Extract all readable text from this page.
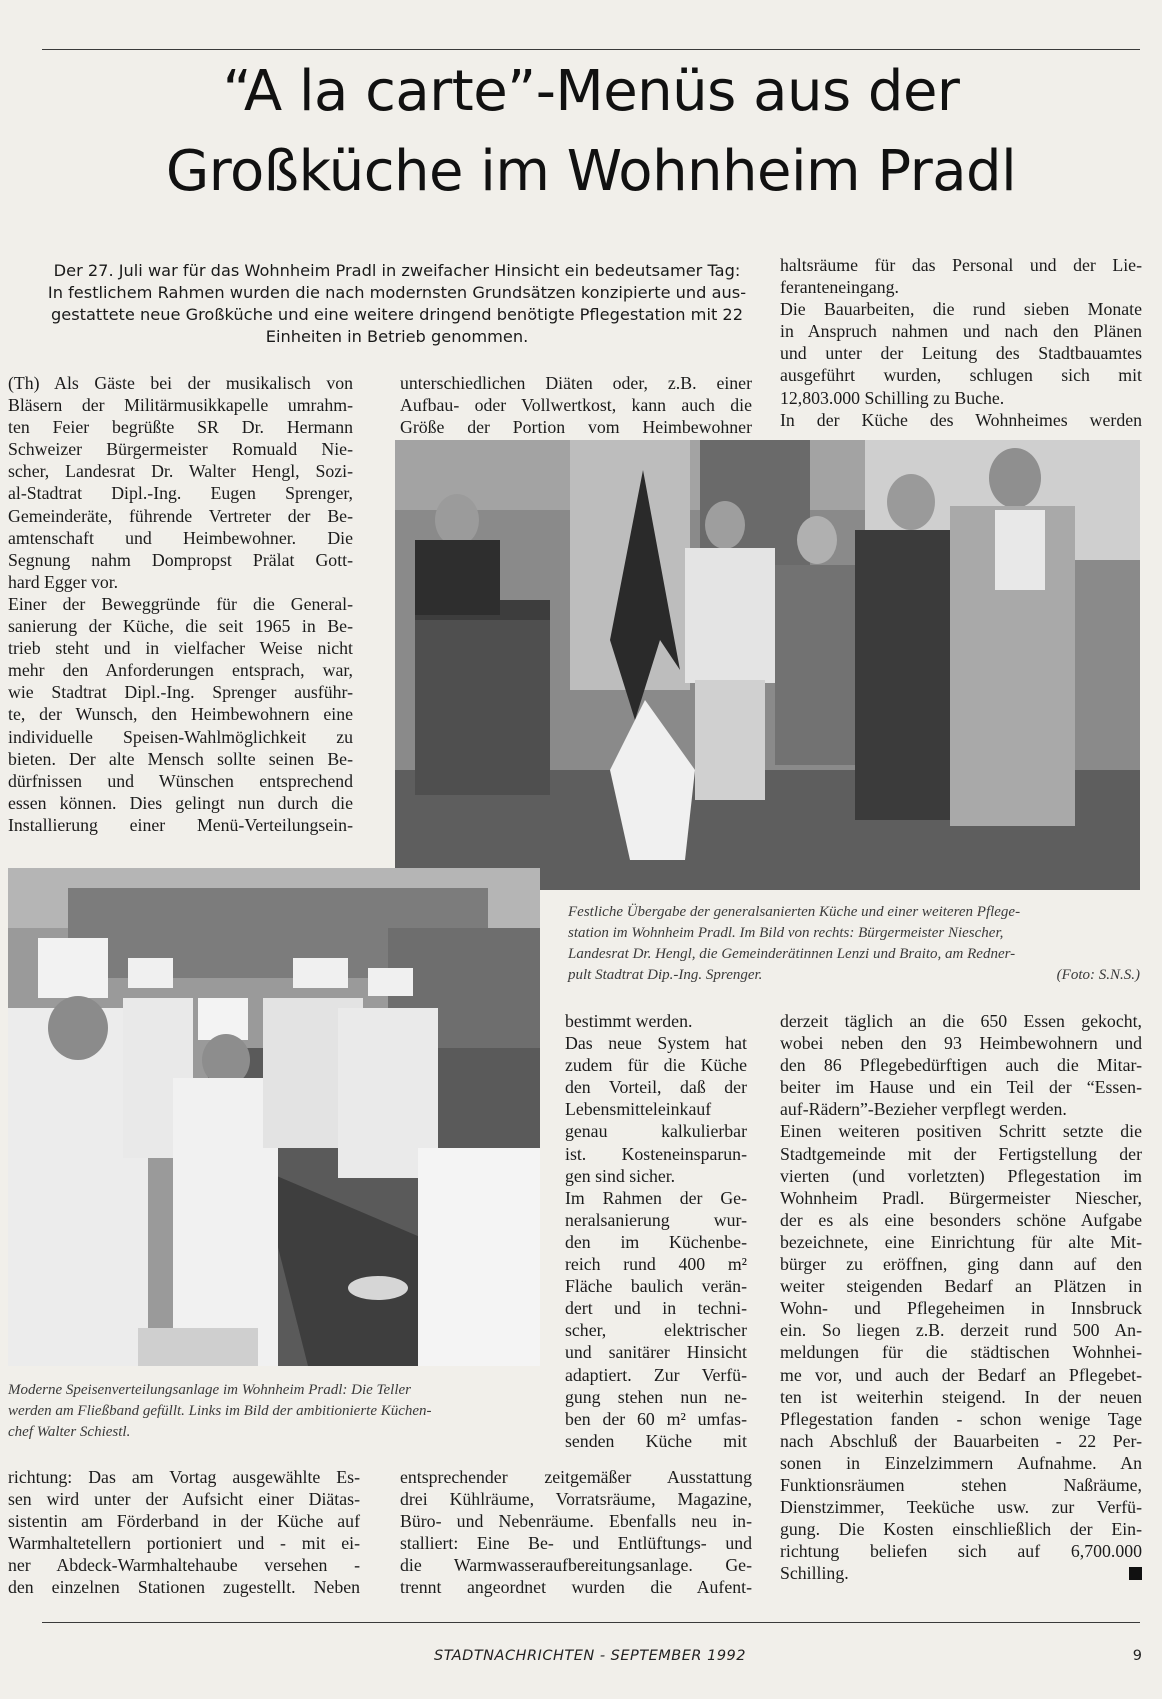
“A la carte”-Menüs aus der
Großküche im Wohnheim Pradl
Der 27. Juli war für das Wohnheim Pradl in zweifacher Hinsicht ein bedeutsamer Tag:
In festlichem Rahmen wurden die nach modernsten Grundsätzen konzipierte und aus-
gestattete neue Großküche und eine weitere dringend benötigte Pflegestation mit 22
Einheiten in Betrieb genommen.
(Th) Als Gäste bei der musikalisch von
Bläsern der Militärmusikkapelle umrahm-
ten Feier begrüßte SR Dr. Hermann
Schweizer Bürgermeister Romuald Nie-
scher, Landesrat Dr. Walter Hengl, Sozi-
al-Stadtrat Dipl.-Ing. Eugen Sprenger,
Gemeinderäte, führende Vertreter der Be-
amtenschaft und Heimbewohner. Die
Segnung nahm Dompropst Prälat Gott-
hard Egger vor.
Einer der Beweggründe für die General-
sanierung der Küche, die seit 1965 in Be-
trieb steht und in vielfacher Weise nicht
mehr den Anforderungen entsprach, war,
wie Stadtrat Dipl.-Ing. Sprenger ausführ-
te, der Wunsch, den Heimbewohnern eine
individuelle Speisen-Wahlmöglichkeit zu
bieten. Der alte Mensch sollte seinen Be-
dürfnissen und Wünschen entsprechend
essen können. Dies gelingt nun durch die
Installierung einer Menü-Verteilungsein-
unterschiedlichen Diäten oder, z.B. einer
Aufbau- oder Vollwertkost, kann auch die
Größe der Portion vom Heimbewohner
haltsräume für das Personal und der Lie-
feranteneingang.
Die Bauarbeiten, die rund sieben Monate
in Anspruch nahmen und nach den Plänen
und unter der Leitung des Stadtbauamtes
ausgeführt wurden, schlugen sich mit
12,803.000 Schilling zu Buche.
In der Küche des Wohnheimes werden
Festliche Übergabe der generalsanierten Küche und einer weiteren Pflege-
station im Wohnheim Pradl. Im Bild von rechts: Bürgermeister Niescher,
Landesrat Dr. Hengl, die Gemeinderätinnen Lenzi und Braito, am Redner-
pult Stadtrat Dip.-Ing. Sprenger.	(Foto: S.N.S.)
Moderne Speisenverteilungsanlage im Wohnheim Pradl: Die Teller
werden am Fließband gefüllt. Links im Bild der ambitionierte Küchen-
chef Walter Schiestl.
bestimmt werden.
Das neue System hat
zudem für die Küche
den Vorteil, daß der
Lebensmitteleinkauf
genau kalkulierbar
ist. Kosteneinsparun-
gen sind sicher.
Im Rahmen der Ge-
neralsanierung wur-
den im Küchenbe-
reich rund 400 m²
Fläche baulich verän-
dert und in techni-
scher, elektrischer
und sanitärer Hinsicht
adaptiert. Zur Verfü-
gung stehen nun ne-
ben der 60 m² umfas-
senden Küche mit
derzeit täglich an die 650 Essen gekocht,
wobei neben den 93 Heimbewohnern und
den 86 Pflegebedürftigen auch die Mitar-
beiter im Hause und ein Teil der “Essen-
auf-Rädern”-Bezieher verpflegt werden.
Einen weiteren positiven Schritt setzte die
Stadtgemeinde mit der Fertigstellung der
vierten (und vorletzten) Pflegestation im
Wohnheim Pradl. Bürgermeister Niescher,
der es als eine besonders schöne Aufgabe
bezeichnete, eine Einrichtung für alte Mit-
bürger zu eröffnen, ging dann auf den
weiter steigenden Bedarf an Plätzen in
Wohn- und Pflegeheimen in Innsbruck
ein. So liegen z.B. derzeit rund 500 An-
meldungen für die städtischen Wohnhei-
me vor, und auch der Bedarf an Pflegebet-
ten ist weiterhin steigend. In der neuen
Pflegestation fanden - schon wenige Tage
nach Abschluß der Bauarbeiten - 22 Per-
sonen in Einzelzimmern Aufnahme. An
Funktionsräumen stehen Naßräume,
Dienstzimmer, Teeküche usw. zur Verfü-
gung. Die Kosten einschließlich der Ein-
richtung beliefen sich auf 6,700.000
Schilling.
richtung: Das am Vortag ausgewählte Es-
sen wird unter der Aufsicht einer Diätas-
sistentin am Förderband in der Küche auf
Warmhaltetellern portioniert und - mit ei-
ner Abdeck-Warmhaltehaube versehen -
den einzelnen Stationen zugestellt. Neben
entsprechender zeitgemäßer Ausstattung
drei Kühlräume, Vorratsräume, Magazine,
Büro- und Nebenräume. Ebenfalls neu in-
stalliert: Eine Be- und Entlüftungs- und
die Warmwasseraufbereitungsanlage. Ge-
trennt angeordnet wurden die Aufent-
STADTNACHRICHTEN - SEPTEMBER 1992	9
